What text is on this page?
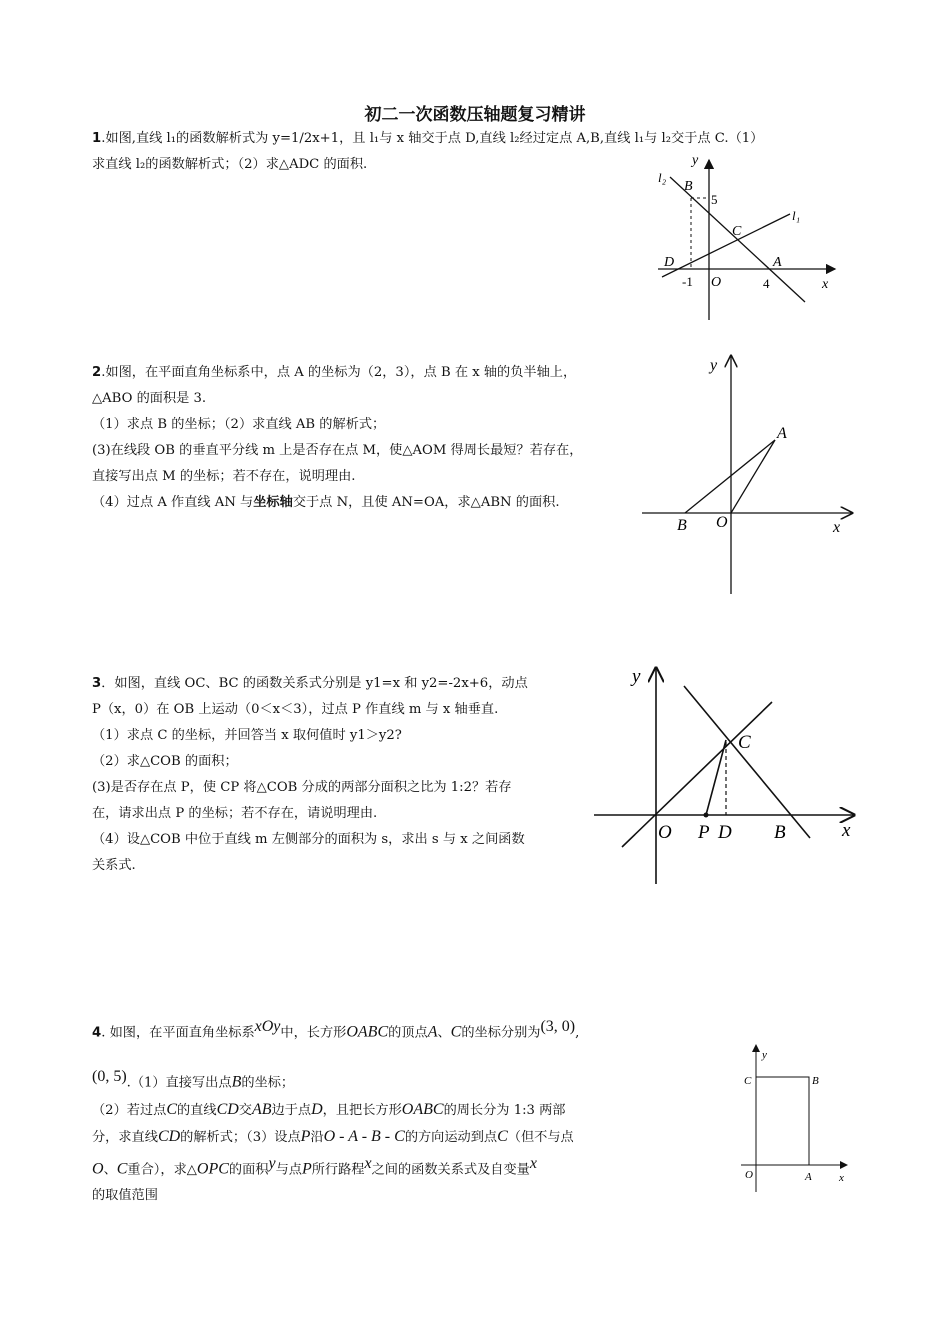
初二一次函数压轴题复习精讲
1.如图,直线 l₁的函数解析式为 y=1/2x+1，且 l₁与 x 轴交于点 D,直线 l₂经过定点 A,B,直线 l₁与 l₂交于点 C.（1）
求直线 l₂的函数解析式；（2）求△ADC 的面积.	y
l₂
B
5
l₁
C
D	A
-1 O	4	x
2.如图，在平面直角坐标系中，点 A 的坐标为（2，3），点 B 在 x 轴的负半轴上，
△ABO 的面积是 3.
（1）求点 B 的坐标；（2）求直线 AB 的解析式；
(3)在线段 OB 的垂直平分线 m 上是否存在点 M，使△AOM 得周长最短？若存在，
直接写出点 M 的坐标；若不存在，说明理由.
（4）过点 A 作直线 AN 与坐标轴交于点 N，且使 AN=OA，求△ABN 的面积.
y
A
B O	x
3．如图，直线 OC、BC 的函数关系式分别是 y1=x 和 y2=-2x+6，动点
P（x，0）在 OB 上运动（0＜x＜3），过点 P 作直线 m 与 x 轴垂直.
（1）求点 C 的坐标，并回答当 x 取何值时 y1＞y2?
（2）求△COB 的面积；
(3)是否存在点 P，使 CP 将△COB 分成的两部分面积之比为 1:2？若存
在，请求出点 P 的坐标；若不存在，请说明理由.
（4）设△COB 中位于直线 m 左侧部分的面积为 s，求出 s 与 x 之间函数
关系式.
y
C
O P D B	x
4. 如图，在平面直角坐标系$^{xOy}$中，长方形OABC的顶点A、C的坐标分别为$^{(3, 0)}$,
$^{(0, 5)}$.（1）直接写出点B的坐标；
（2）若过点C的直线CD交AB边于点D，且把长方形OABC的周长分为 1:3 两部
分，求直线CD的解析式；（3）设点P沿O - A - B - C的方向运动到点C（但不与点
O、C重合），求△OPC的面积$^y$与点P所行路程$^x$之间的函数关系式及自变量$^x$
的取值范围
y
C	B
O	A x
